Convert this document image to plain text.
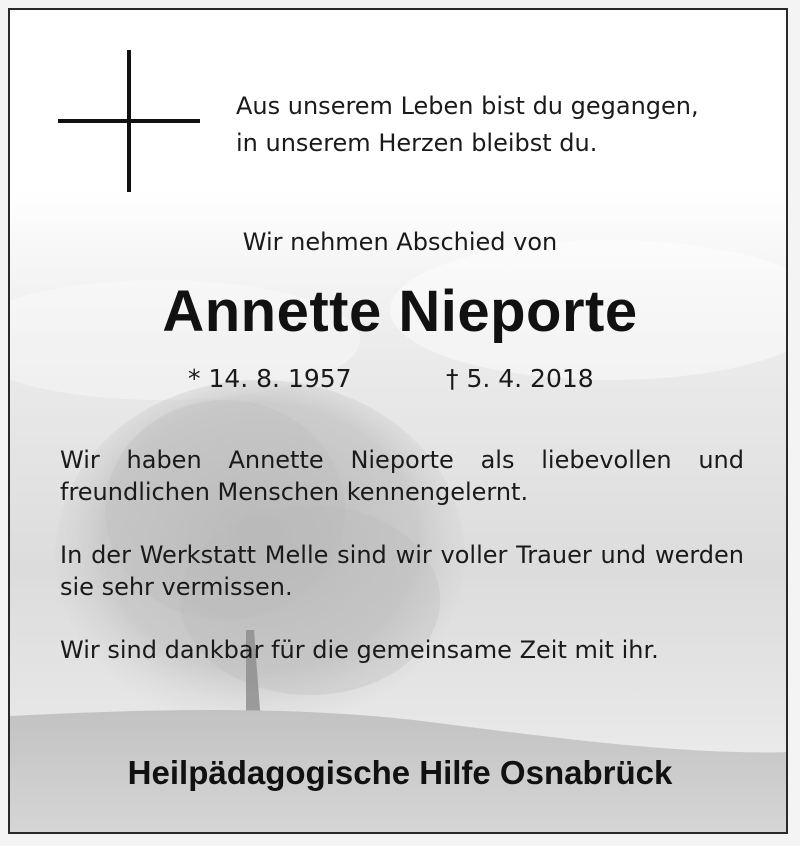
Aus unserem Leben bist du gegangen,
in unserem Herzen bleibst du.
Wir nehmen Abschied von
Annette Nieporte
* 14. 8. 1957	† 5. 4. 2018
Wir haben Annette Nieporte als liebevollen und freundlichen Menschen kennengelernt.
In der Werkstatt Melle sind wir voller Trauer und werden sie sehr vermissen.
Wir sind dankbar für die gemeinsame Zeit mit ihr.
Heilpädagogische Hilfe Osnabrück
